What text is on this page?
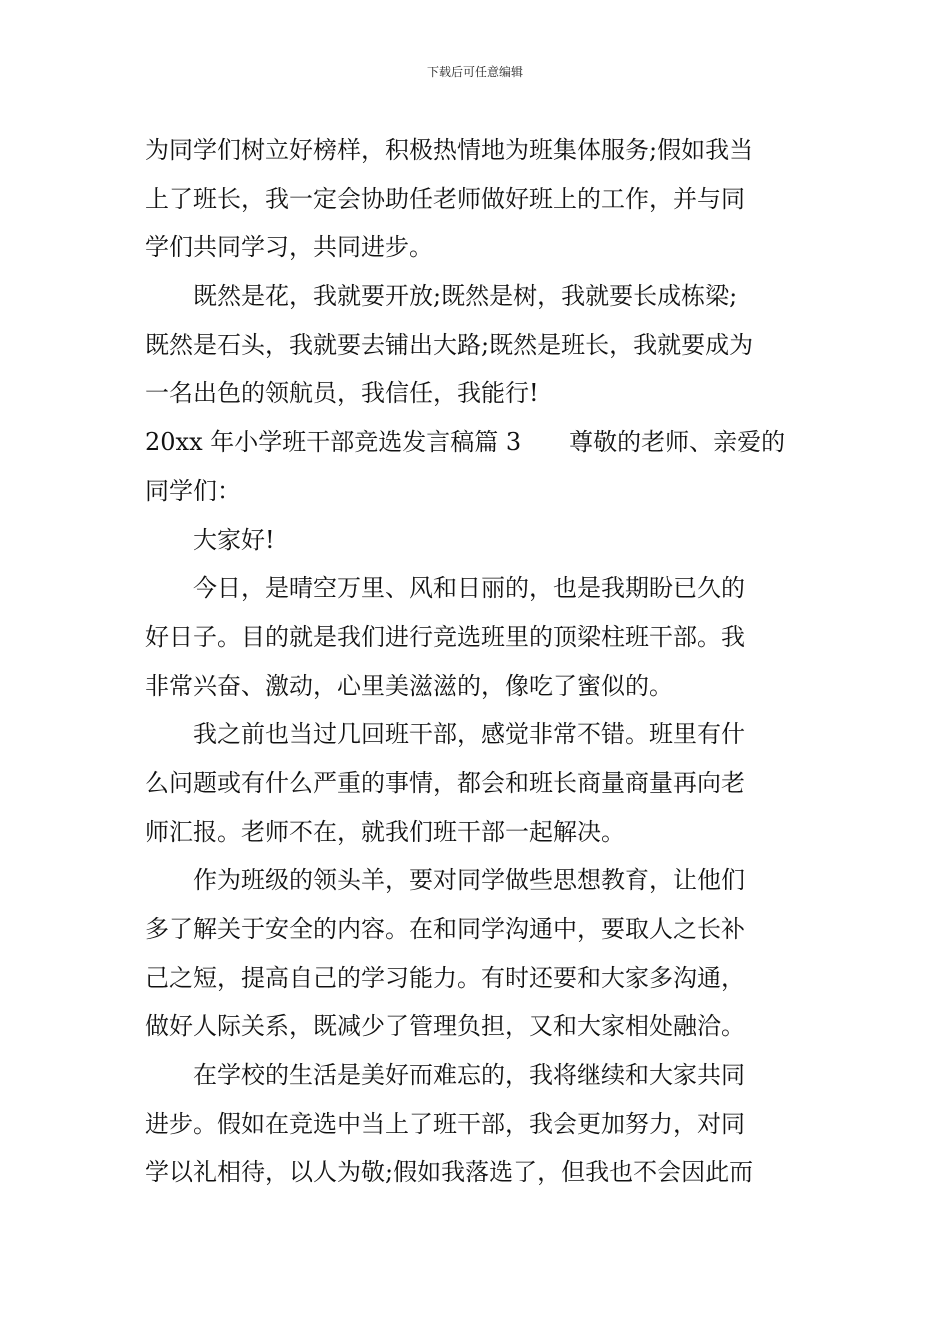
下载后可任意编辑
为同学们树立好榜样，积极热情地为班集体服务;假如我当
上了班长，我一定会协助任老师做好班上的工作，并与同
学们共同学习，共同进步。
既然是花，我就要开放;既然是树，我就要长成栋梁;
既然是石头，我就要去铺出大路;既然是班长，我就要成为
一名出色的领航员，我信任，我能行!
20xx 年小学班干部竞选发言稿篇 3 尊敬的老师、亲爱的
同学们：
大家好!
今日，是晴空万里、风和日丽的，也是我期盼已久的
好日子。目的就是我们进行竞选班里的顶梁柱班干部。我
非常兴奋、激动，心里美滋滋的，像吃了蜜似的。
我之前也当过几回班干部，感觉非常不错。班里有什
么问题或有什么严重的事情，都会和班长商量商量再向老
师汇报。老师不在，就我们班干部一起解决。
作为班级的领头羊，要对同学做些思想教育，让他们
多了解关于安全的内容。在和同学沟通中，要取人之长补
己之短，提高自己的学习能力。有时还要和大家多沟通，
做好人际关系，既减少了管理负担，又和大家相处融洽。
在学校的生活是美好而难忘的，我将继续和大家共同
进步。假如在竞选中当上了班干部，我会更加努力，对同
学以礼相待，以人为敬;假如我落选了，但我也不会因此而
